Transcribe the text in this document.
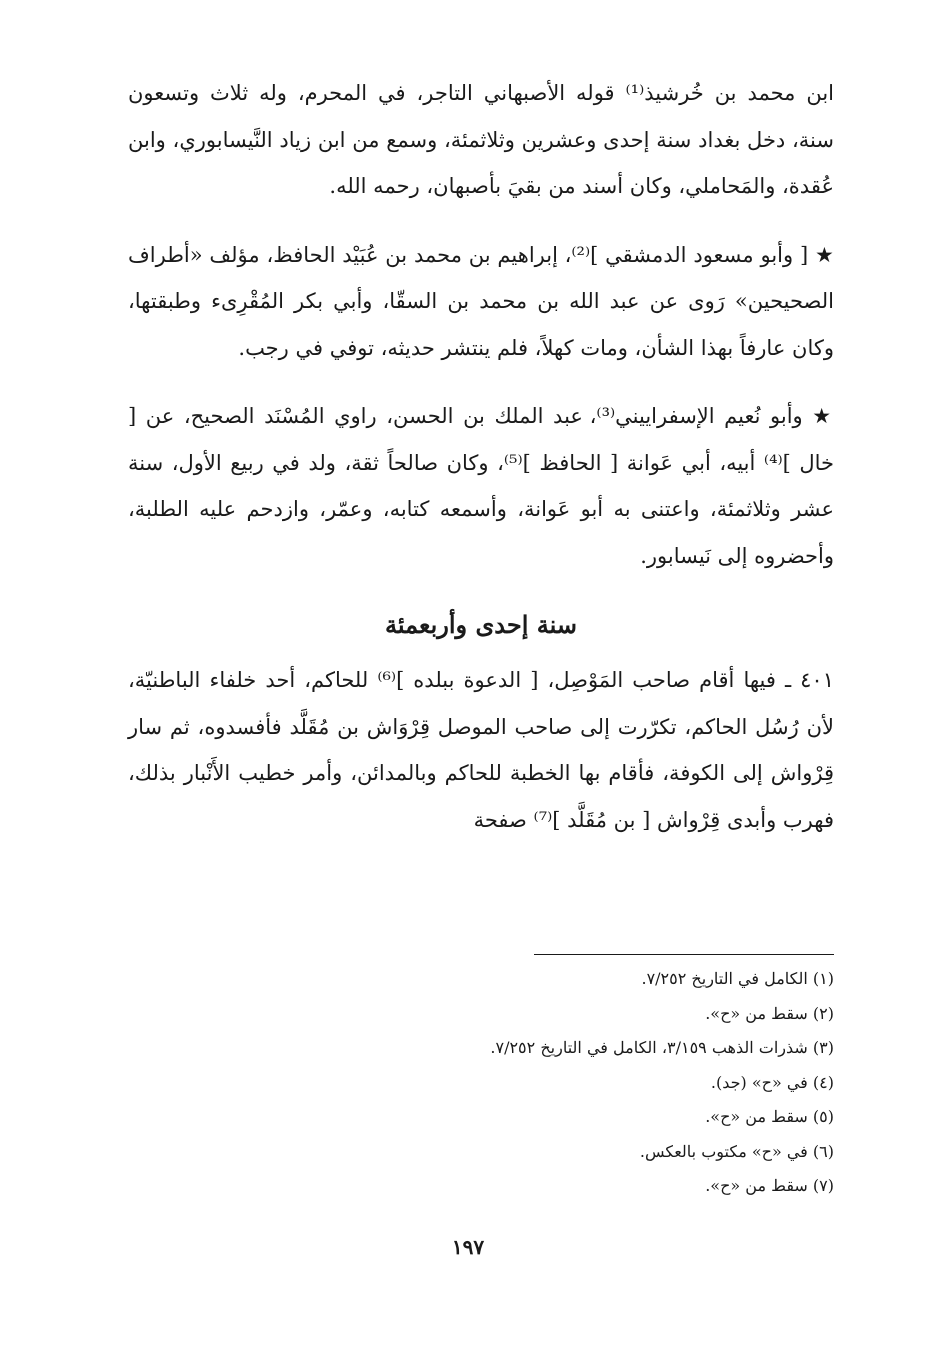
ابن محمد بن خُرشيذ⁽¹⁾ قوله الأصبهاني التاجر، في المحرم، وله ثلاث وتسعون سنة، دخل بغداد سنة إحدى وعشرين وثلاثمئة، وسمع من ابن زياد النَّيسابوري، وابن عُقدة، والمَحاملي، وكان أسند من بقيَ بأصبهان، رحمه الله.

★ [ وأبو مسعود الدمشقي ]⁽²⁾، إبراهيم بن محمد بن عُبَيْد الحافظ، مؤلف «أطراف الصحيحين» رَوى عن عبد الله بن محمد بن السقّا، وأبي بكر المُقْرِىء وطبقتها، وكان عارفاً بهذا الشأن، ومات كهلاً، فلم ينتشر حديثه، توفي في رجب.

★ وأبو نُعيم الإسفراييني⁽³⁾، عبد الملك بن الحسن، راوي المُسْنَد الصحيح، عن [ خال ]⁽⁴⁾ أبيه، أبي عَوانة [ الحافظ ]⁽⁵⁾، وكان صالحاً ثقة، ولد في ربيع الأول، سنة عشر وثلاثمئة، واعتنى به أبو عَوانة، وأسمعه كتابه، وعمّر، وازدحم عليه الطلبة، وأحضروه إلى نَيسابور.

سنة إحدى وأربعمئة

٤٠١ ـ فيها أقام صاحب المَوْصِل، [ الدعوة ببلده ]⁽⁶⁾ للحاكم، أحد خلفاء الباطنيّة، لأن رُسُل الحاكم، تكرّرت إلى صاحب الموصل قِرْوَاش بن مُقَلَّد فأفسدوه، ثم سار قِرْواش إلى الكوفة، فأقام بها الخطبة للحاكم وبالمدائن، وأمر خطيب الأَنْبار بذلك، فهرب وأبدى قِرْواش [ بن مُقَلَّد ]⁽⁷⁾ صفحة

(١) الكامل في التاريخ ٧/٢٥٢.
(٢) سقط من «ح».
(٣) شذرات الذهب ٣/١٥٩، الكامل في التاريخ ٧/٢٥٢.
(٤) في «ح» (جد).
(٥) سقط من «ح».
(٦) في «ح» مكتوب بالعكس.
(٧) سقط من «ح».
١٩٧
